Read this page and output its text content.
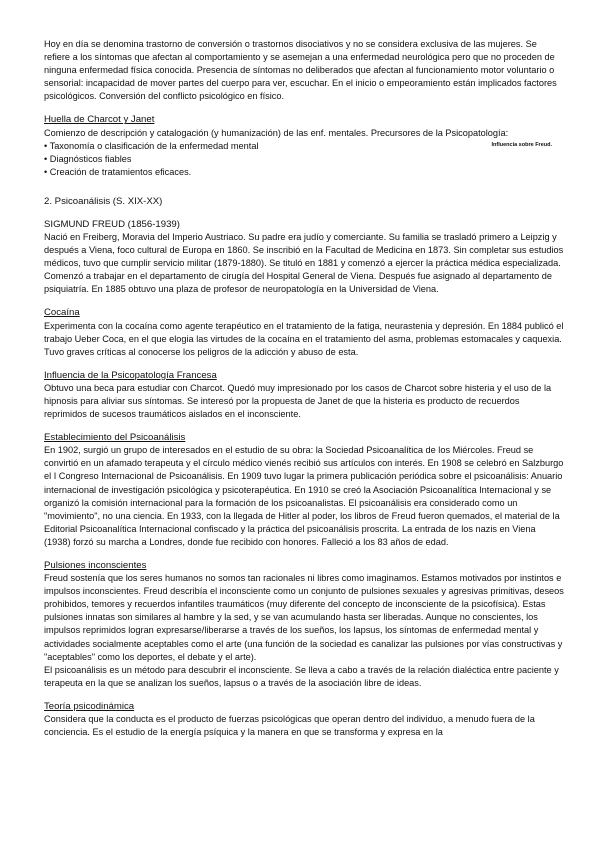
Hoy en día se denomina trastorno de conversión o trastornos disociativos y no se considera exclusiva de las mujeres. Se refiere a los síntomas que afectan al comportamiento y se asemejan a una enfermedad neurológica pero que no proceden de ninguna enfermedad física conocida. Presencia de síntomas no deliberados que afectan al funcionamiento motor voluntario o sensorial: incapacidad de mover partes del cuerpo para ver, escuchar. En el inicio o empeoramiento están implicados factores psicológicos. Conversión del conflicto psicológico en físico.

Huella de Charcot y Janet

Comienzo de descripción y catalogación (y humanización) de las enf. mentales. Precursores de la Psicopatología:

• Taxonomía o clasificación de la enfermedad mental

• Diagnósticos fiables

• Creación de tratamientos eficaces.

Influencia sobre Freud.

2. Psicoanálisis (S. XIX-XX)

SIGMUND FREUD (1856-1939)

Nació en Freiberg, Moravia del Imperio Austriaco. Su padre era judío y comerciante. Su familia se trasladó primero a Leipzig y después a Viena, foco cultural de Europa en 1860. Se inscribió en la Facultad de Medicina en 1873. Sin completar sus estudios médicos, tuvo que cumplir servicio militar (1879-1880). Se tituló en 1881 y comenzó a ejercer la práctica médica especializada. Comenzó a trabajar en el departamento de cirugía del Hospital General de Viena. Después fue asignado al departamento de psiquiatría. En 1885 obtuvo una plaza de profesor de neuropatología en la Universidad de Viena.

Cocaína

Experimenta con la cocaína como agente terapéutico en el tratamiento de la fatiga, neurastenia y depresión. En 1884 publicó el trabajo Ueber Coca, en el que elogia las virtudes de la cocaína en el tratamiento del asma, problemas estomacales y caquexia. Tuvo graves críticas al conocerse los peligros de la adicción y abuso de esta.

Influencia de la Psicopatología Francesa

Obtuvo una beca para estudiar con Charcot. Quedó muy impresionado por los casos de Charcot sobre histeria y el uso de la hipnosis para aliviar sus síntomas. Se interesó por la propuesta de Janet de que la histeria es producto de recuerdos reprimidos de sucesos traumáticos aislados en el inconsciente.

Establecimiento del Psicoanálisis

En 1902, surgió un grupo de interesados en el estudio de su obra: la Sociedad Psicoanalítica de los Miércoles. Freud se convirtió en un afamado terapeuta y el círculo médico vienés recibió sus artículos con interés. En 1908 se celebró en Salzburgo el I Congreso Internacional de Psicoanálisis. En 1909 tuvo lugar la primera publicación periódica sobre el psicoanálisis: Anuario internacional de investigación psicológica y psicoterapéutica. En 1910 se creó la Asociación Psicoanalítica Internacional y se organizó la comisión internacional para la formación de los psicoanalistas. El psicoanálisis era considerado como un "movimiento", no una ciencia. En 1933, con la llegada de Hitler al poder, los libros de Freud fueron quemados, el material de la Editorial Psicoanalítica Internacional confiscado y la práctica del psicoanálisis proscrita. La entrada de los nazis en Viena (1938) forzó su marcha a Londres, donde fue recibido con honores. Falleció a los 83 años de edad.

Pulsiones inconscientes

Freud sostenía que los seres humanos no somos tan racionales ni libres como imaginamos. Estamos motivados por instintos e impulsos inconscientes. Freud describía el inconsciente como un conjunto de pulsiones sexuales y agresivas primitivas, deseos prohibidos, temores y recuerdos infantiles traumáticos (muy diferente del concepto de inconsciente de la psicofísica). Estas pulsiones innatas son similares al hambre y la sed, y se van acumulando hasta ser liberadas. Aunque no conscientes, los impulsos reprimidos logran expresarse/liberarse a través de los sueños, los lapsus, los síntomas de enfermedad mental y actividades socialmente aceptables como el arte (una función de la sociedad es canalizar las pulsiones por vías constructivas y "aceptables" como los deportes, el debate y el arte).

El psicoanálisis es un método para descubrir el inconsciente. Se lleva a cabo a través de la relación dialéctica entre paciente y terapeuta en la que se analizan los sueños, lapsus o a través de la asociación libre de ideas.

Teoría psicodinámica

Considera que la conducta es el producto de fuerzas psicológicas que operan dentro del individuo, a menudo fuera de la conciencia. Es el estudio de la energía psíquica y la manera en que se transforma y expresa en la
